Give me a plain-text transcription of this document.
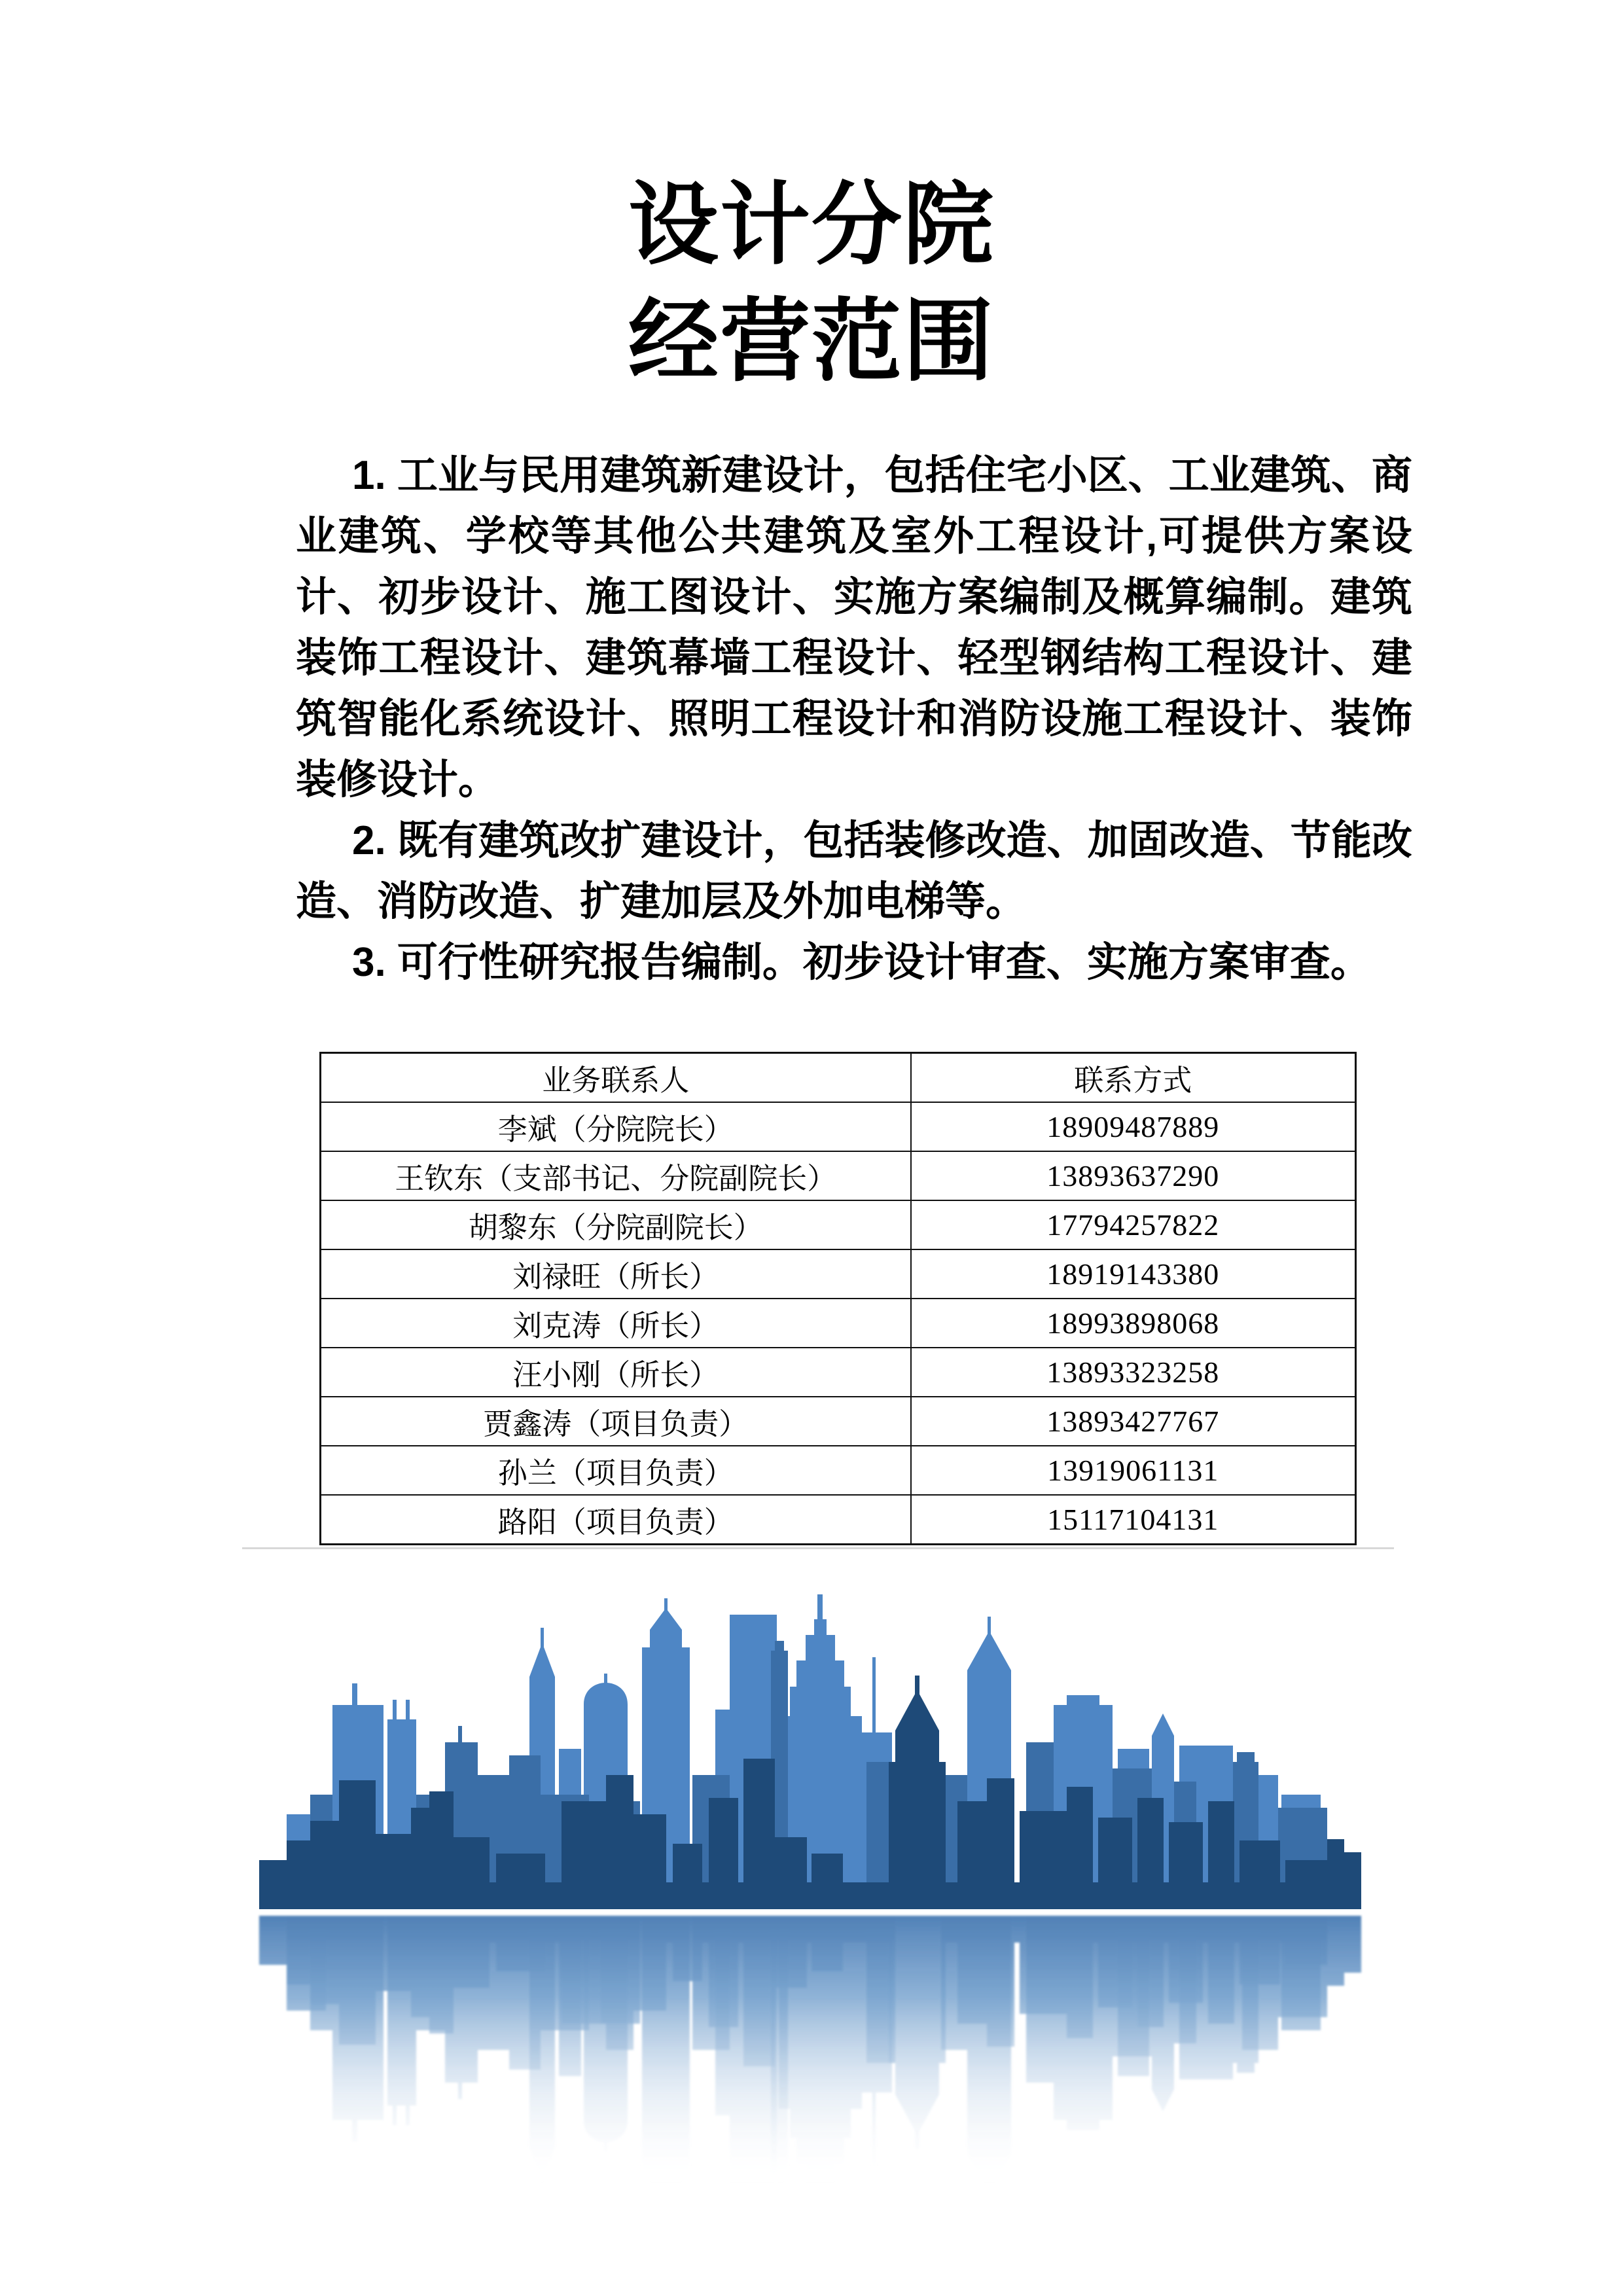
设计分院
经营范围

1. 工业与民用建筑新建设计，包括住宅小区、工业建筑、商业建筑、学校等其他公共建筑及室外工程设计,可提供方案设计、初步设计、施工图设计、实施方案编制及概算编制。建筑装饰工程设计、建筑幕墙工程设计、轻型钢结构工程设计、建筑智能化系统设计、照明工程设计和消防设施工程设计、装饰装修设计。

2. 既有建筑改扩建设计，包括装修改造、加固改造、节能改造、消防改造、扩建加层及外加电梯等。

3. 可行性研究报告编制。初步设计审查、实施方案审查。

业务联系人	联系方式
李斌（分院院长）	18909487889
王钦东（支部书记、分院副院长）	13893637290
胡黎东（分院副院长）	17794257822
刘禄旺（所长）	18919143380
刘克涛（所长）	18993898068
汪小刚（所长）	13893323258
贾鑫涛（项目负责）	13893427767
孙兰（项目负责）	13919061131
路阳（项目负责）	15117104131
